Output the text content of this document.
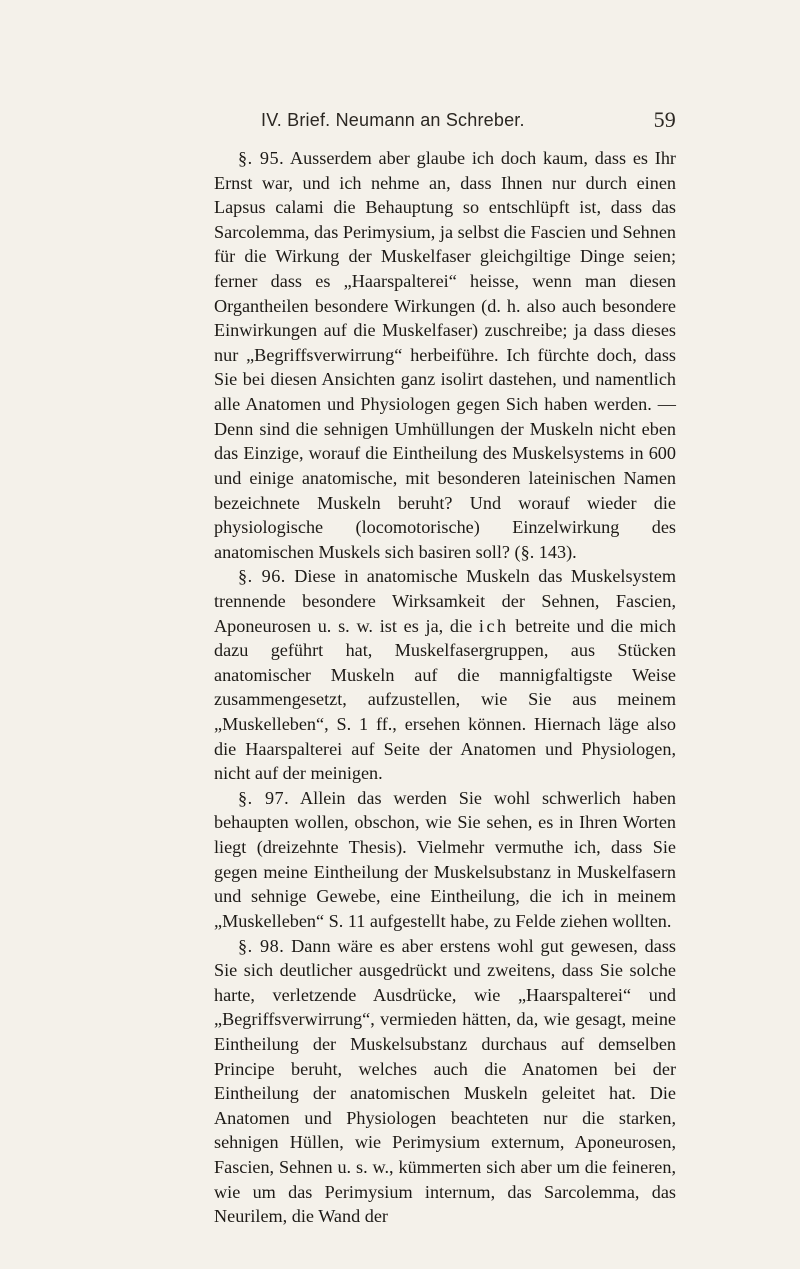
IV. Brief. Neumann an Schreber.	59

§. 95. Ausserdem aber glaube ich doch kaum, dass es Ihr Ernst war, und ich nehme an, dass Ihnen nur durch einen Lapsus calami die Behauptung so entschlüpft ist, dass das Sarcolemma, das Perimysium, ja selbst die Fascien und Sehnen für die Wirkung der Muskelfaser gleichgiltige Dinge seien; ferner dass es „Haarspalterei“ heisse, wenn man diesen Organtheilen besondere Wirkungen (d. h. also auch besondere Einwirkungen auf die Muskelfaser) zuschreibe; ja dass dieses nur „Begriffsverwirrung“ herbeiführe. Ich fürchte doch, dass Sie bei diesen Ansichten ganz isolirt dastehen, und namentlich alle Anatomen und Physiologen gegen Sich haben werden. — Denn sind die sehnigen Umhüllungen der Muskeln nicht eben das Einzige, worauf die Eintheilung des Muskelsystems in 600 und einige anatomische, mit besonderen lateinischen Namen bezeichnete Muskeln beruht? Und worauf wieder die physiologische (locomotorische) Einzelwirkung des anatomischen Muskels sich basiren soll? (§. 143).

§. 96. Diese in anatomische Muskeln das Muskelsystem trennende besondere Wirksamkeit der Sehnen, Fascien, Aponeurosen u. s. w. ist es ja, die ich betreite und die mich dazu geführt hat, Muskelfasergruppen, aus Stücken anatomischer Muskeln auf die mannigfaltigste Weise zusammengesetzt, aufzustellen, wie Sie aus meinem „Muskelleben“, S. 1 ff., ersehen können. Hiernach läge also die Haarspalterei auf Seite der Anatomen und Physiologen, nicht auf der meinigen.

§. 97. Allein das werden Sie wohl schwerlich haben behaupten wollen, obschon, wie Sie sehen, es in Ihren Worten liegt (dreizehnte Thesis). Vielmehr vermuthe ich, dass Sie gegen meine Eintheilung der Muskelsubstanz in Muskelfasern und sehnige Gewebe, eine Eintheilung, die ich in meinem „Muskelleben“ S. 11 aufgestellt habe, zu Felde ziehen wollten.

§. 98. Dann wäre es aber erstens wohl gut gewesen, dass Sie sich deutlicher ausgedrückt und zweitens, dass Sie solche harte, verletzende Ausdrücke, wie „Haarspalterei“ und „Begriffsverwirrung“, vermieden hätten, da, wie gesagt, meine Eintheilung der Muskelsubstanz durchaus auf demselben Principe beruht, welches auch die Anatomen bei der Eintheilung der anatomischen Muskeln geleitet hat. Die Anatomen und Physiologen beachteten nur die starken, sehnigen Hüllen, wie Perimysium externum, Aponeurosen, Fascien, Sehnen u. s. w., kümmerten sich aber um die feineren, wie um das Perimysium internum, das Sarcolemma, das Neurilem, die Wand der
